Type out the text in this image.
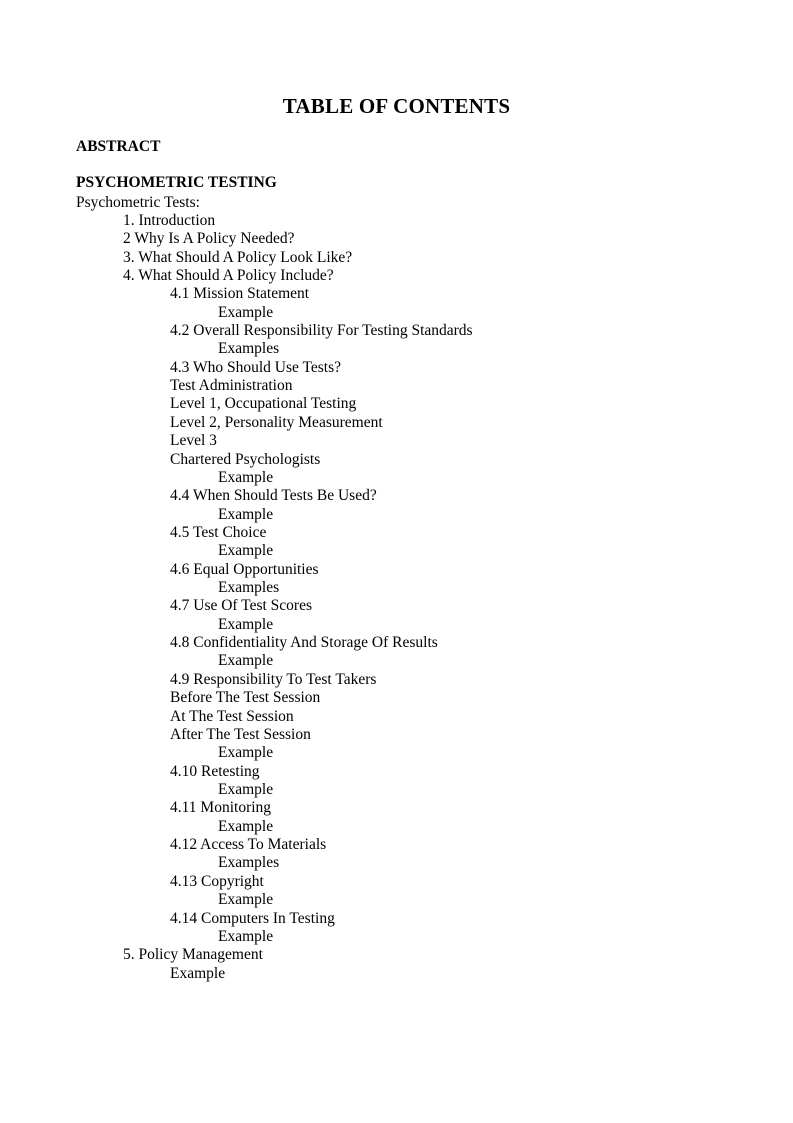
TABLE OF CONTENTS
ABSTRACT
PSYCHOMETRIC TESTING
Psychometric Tests:
1. Introduction
2 Why Is A Policy Needed?
3. What Should A Policy Look Like?
4. What Should A Policy Include?
4.1 Mission Statement
Example
4.2 Overall Responsibility For Testing Standards
Examples
4.3 Who Should Use Tests?
Test Administration
Level 1, Occupational Testing
Level 2, Personality Measurement
Level 3
Chartered Psychologists
Example
4.4 When Should Tests Be Used?
Example
4.5 Test Choice
Example
4.6 Equal Opportunities
Examples
4.7 Use Of Test Scores
Example
4.8 Confidentiality And Storage Of Results
Example
4.9 Responsibility To Test Takers
Before The Test Session
At The Test Session
After The Test Session
Example
4.10 Retesting
Example
4.11 Monitoring
Example
4.12 Access To Materials
Examples
4.13 Copyright
Example
4.14 Computers In Testing
Example
5. Policy Management
Example
